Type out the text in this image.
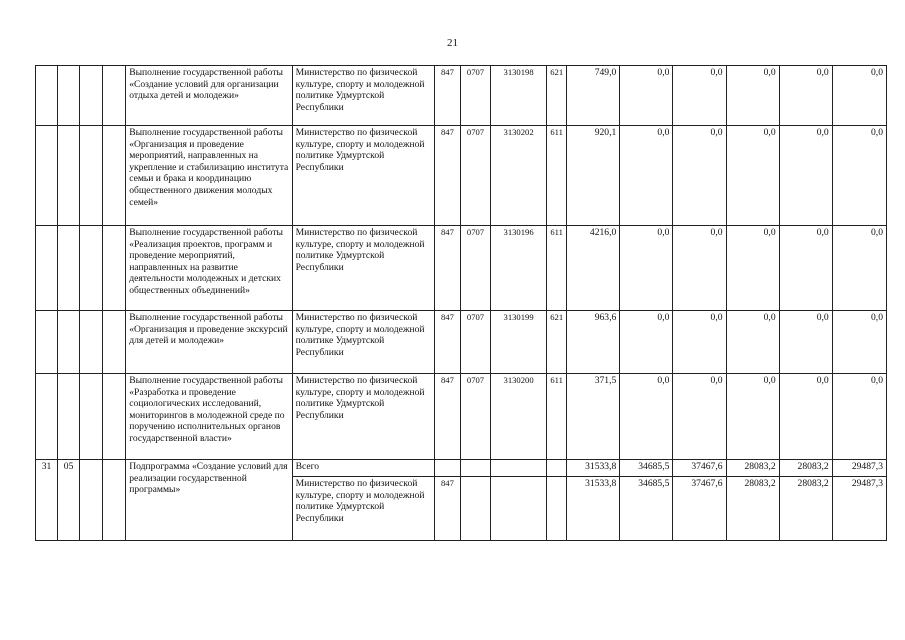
21
				Выполнение государственной работы «Создание условий для организации отдыха детей и молодежи»	Министерство по физической культуре, спорту и молодежной политике Удмуртской Республики	847	0707	3130198	621	749,0	0,0	0,0	0,0	0,0	0,0
				Выполнение государственной работы «Организация и проведение мероприятий, направленных на укрепление и стабилизацию института семьи и брака и координацию общественного движения молодых семей»	Министерство по физической культуре, спорту и молодежной политике Удмуртской Республики	847	0707	3130202	611	920,1	0,0	0,0	0,0	0,0	0,0
				Выполнение государственной работы «Реализация проектов, программ и проведение мероприятий, направленных на развитие деятельности молодежных и детских общественных объединений»	Министерство по физической культуре, спорту и молодежной политике Удмуртской Республики	847	0707	3130196	611	4216,0	0,0	0,0	0,0	0,0	0,0
				Выполнение государственной работы «Организация и проведение экскурсий для детей и молодежи»	Министерство по физической культуре, спорту и молодежной политике Удмуртской Республики	847	0707	3130199	621	963,6	0,0	0,0	0,0	0,0	0,0
				Выполнение государственной работы «Разработка и проведение социологических исследований, мониторингов в молодежной среде по поручению исполнительных органов государственной власти»	Министерство по физической культуре, спорту и молодежной политике Удмуртской Республики	847	0707	3130200	611	371,5	0,0	0,0	0,0	0,0	0,0
31	05			Подпрограмма «Создание условий для реализации государственной программы»	Всего					31533,8	34685,5	37467,6	28083,2	28083,2	29487,3
					Министерство по физической культуре, спорту и молодежной политике Удмуртской Республики	847				31533,8	34685,5	37467,6	28083,2	28083,2	29487,3
